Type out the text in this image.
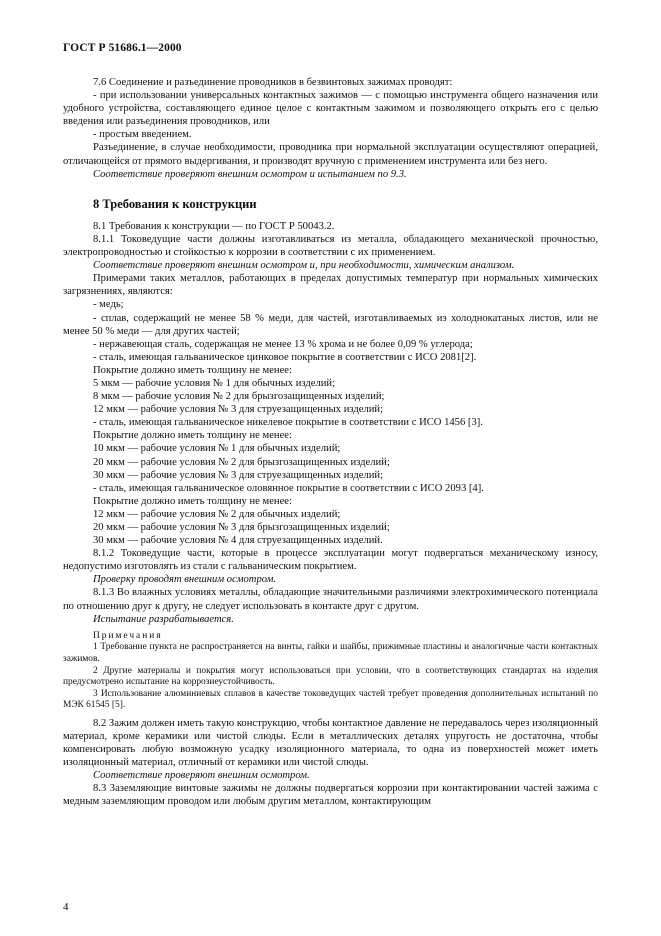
ГОСТ Р 51686.1—2000

7.6 Соединение и разъединение проводников в безвинтовых зажимах проводят:

- при использовании универсальных контактных зажимов — с помощью инструмента общего назначения или удобного устройства, составляющего единое целое с контактным зажимом и позволяющего открыть его с целью введения или разъединения проводников, или

- простым введением.

Разъединение, в случае необходимости, проводника при нормальной эксплуатации осуществляют операцией, отличающейся от прямого выдергивания, и производят вручную с применением инструмента или без него.

Соответствие проверяют внешним осмотром и испытанием по 9.3.

8 Требования к конструкции

8.1 Требования к конструкции — по ГОСТ Р 50043.2.

8.1.1 Токоведущие части должны изготавливаться из металла, обладающего механической прочностью, электропроводностью и стойкостью к коррозии в соответствии с их применением.

Соответствие проверяют внешним осмотром и, при необходимости, химическим анализом.

Примерами таких металлов, работающих в пределах допустимых температур при нормальных химических загрязнениях, являются:

- медь;

- сплав, содержащий не менее 58 % меди, для частей, изготавливаемых из холоднокатаных листов, или не менее 50 % меди — для других частей;

- нержавеющая сталь, содержащая не менее 13 % хрома и не более 0,09 % углерода;

- сталь, имеющая гальваническое цинковое покрытие в соответствии с ИСО 2081[2].

Покрытие должно иметь толщину не менее:

5 мкм — рабочие условия № 1 для обычных изделий;

8 мкм — рабочие условия № 2 для брызгозащищенных изделий;

12 мкм — рабочие условия № 3 для струезащищенных изделий;

- сталь, имеющая гальваническое никелевое покрытие в соответствии с ИСО 1456 [3].

Покрытие должно иметь толщину не менее:

10 мкм — рабочие условия № 1 для обычных изделий;

20 мкм — рабочие условия № 2 для брызгозащищенных изделий;

30 мкм — рабочие условия № 3 для струезащищенных изделий;

- сталь, имеющая гальваническое оловянное покрытие в соответствии с ИСО 2093 [4].

Покрытие должно иметь толщину не менее:

12 мкм — рабочие условия № 2 для обычных изделий;

20 мкм — рабочие условия № 3 для брызгозащищенных изделий;

30 мкм — рабочие условия № 4 для струезащищенных изделий.

8.1.2 Токоведущие части, которые в процессе эксплуатации могут подвергаться механическому износу, недопустимо изготовлять из стали с гальваническим покрытием.

Проверку проводят внешним осмотром.

8.1.3 Во влажных условиях металлы, обладающие значительными различиями электрохимического потенциала по отношению друг к другу, не следует использовать в контакте друг с другом.

Испытание разрабатывается.

Примечания

1 Требование пункта не распространяется на винты, гайки и шайбы, прижимные пластины и аналогичные части контактных зажимов.

2 Другие материалы и покрытия могут использоваться при условии, что в соответствующих стандартах на изделия предусмотрено испытание на коррозиеустойчивость.

3 Использование алюминиевых сплавов в качестве токоведущих частей требует проведения дополнительных испытаний по МЭК 61545 [5].

8.2 Зажим должен иметь такую конструкцию, чтобы контактное давление не передавалось через изоляционный материал, кроме керамики или чистой слюды. Если в металлических деталях упругость не достаточна, чтобы компенсировать любую возможную усадку изоляционного материала, то одна из поверхностей может иметь изоляционный материал, отличный от керамики или чистой слюды.

Соответствие проверяют внешним осмотром.

8.3 Заземляющие винтовые зажимы не должны подвергаться коррозии при контактировании частей зажима с медным заземляющим проводом или любым другим металлом, контактирующим

4
